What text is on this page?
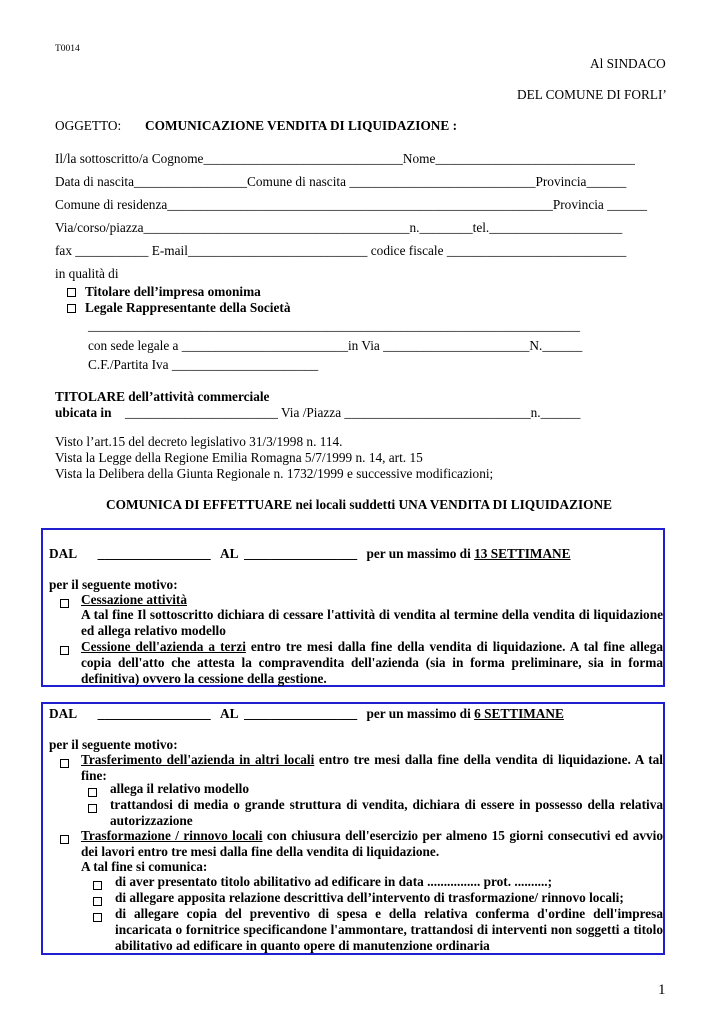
T0014
Al SINDACO
DEL COMUNE DI FORLI’
OGGETTO: COMUNICAZIONE VENDITA DI LIQUIDAZIONE :
Il/la sottoscritto/a Cognome______________________________Nome______________________________
Data di nascita_________________Comune di nascita ____________________________Provincia______
Comune di residenza__________________________________________________________Provincia ______
Via/corso/piazza________________________________________n.________tel.____________________
fax ___________ E-mail___________________________ codice fiscale ___________________________
in qualità di
Titolare dell’impresa omonima
Legale Rappresentante della Società
__________________________________________________________________________
con sede legale a _________________________in Via ______________________N.______
C.F./Partita Iva ______________________
TITOLARE dell’attività commerciale
ubicata in _______________________ Via /Piazza ____________________________n.______
Visto l’art.15 del decreto legislativo 31/3/1998 n. 114.
Vista la Legge della Regione Emilia Romagna 5/7/1999 n. 14, art. 15
Vista la Delibera della Giunta Regionale n. 1732/1999 e successive modificazioni;
COMUNICA DI EFFETTUARE nei locali suddetti UNA VENDITA DI LIQUIDAZIONE
DAL _________________ AL _________________ per un massimo di 13 SETTIMANE
per il seguente motivo:
Cessazione attività
A tal fine Il sottoscritto dichiara di cessare l'attività di vendita al termine della vendita di liquidazione ed allega relativo modello
Cessione dell'azienda a terzi entro tre mesi dalla fine della vendita di liquidazione. A tal fine allega copia dell'atto che attesta la compravendita dell'azienda (sia in forma preliminare, sia in forma definitiva) ovvero la cessione della gestione.
DAL _________________ AL _________________ per un massimo di 6 SETTIMANE
per il seguente motivo:
Trasferimento dell'azienda in altri locali entro tre mesi dalla fine della vendita di liquidazione. A tal fine:
allega il relativo modello
trattandosi di media o grande struttura di vendita, dichiara di essere in possesso della relativa autorizzazione
Trasformazione / rinnovo locali con chiusura dell'esercizio per almeno 15 giorni consecutivi ed avvio dei lavori entro tre mesi dalla fine della vendita di liquidazione.
A tal fine si comunica:
di aver presentato titolo abilitativo ad edificare in data ................ prot. ..........;
di allegare apposita relazione descrittiva dell’intervento di trasformazione/ rinnovo locali;
di allegare copia del preventivo di spesa e della relativa conferma d'ordine dell'impresa incaricata o fornitrice specificandone l'ammontare, trattandosi di interventi non soggetti a titolo abilitativo ad edificare in quanto opere di manutenzione ordinaria
1
